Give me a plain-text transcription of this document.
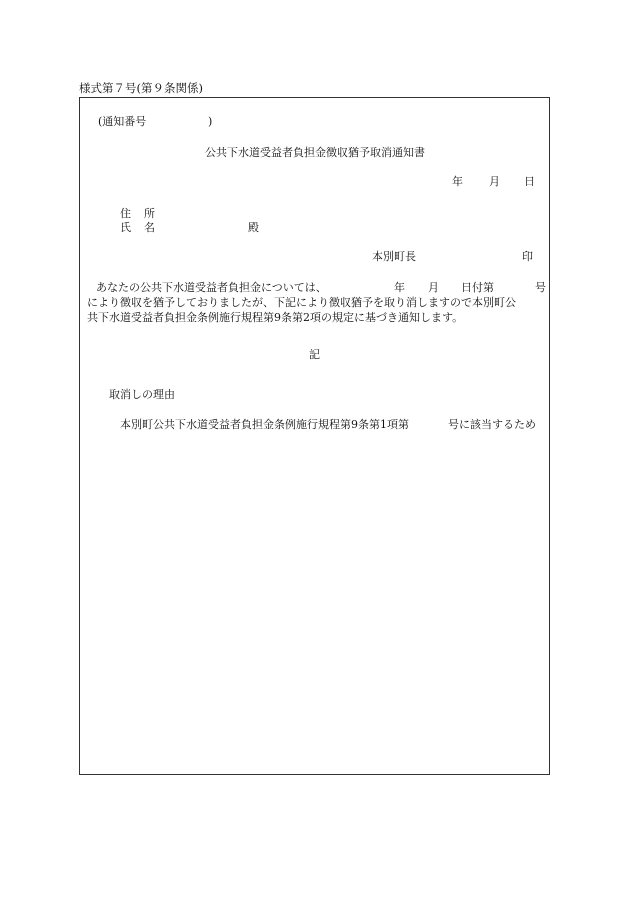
様式第７号(第９条関係)
(通知番号	)
公共下水道受益者負担金徴収猶予取消通知書
年 月 日
住　所
氏　名	殿
本別町長	印
あなたの公共下水道受益者負担金については、	年 月 日付第	号
により徴収を猶予しておりましたが、下記により徴収猶予を取り消しますので本別町公
共下水道受益者負担金条例施行規程第9条第2項の規定に基づき通知します。
記
取消しの理由
本別町公共下水道受益者負担金条例施行規程第9条第1項第	号に該当するため
